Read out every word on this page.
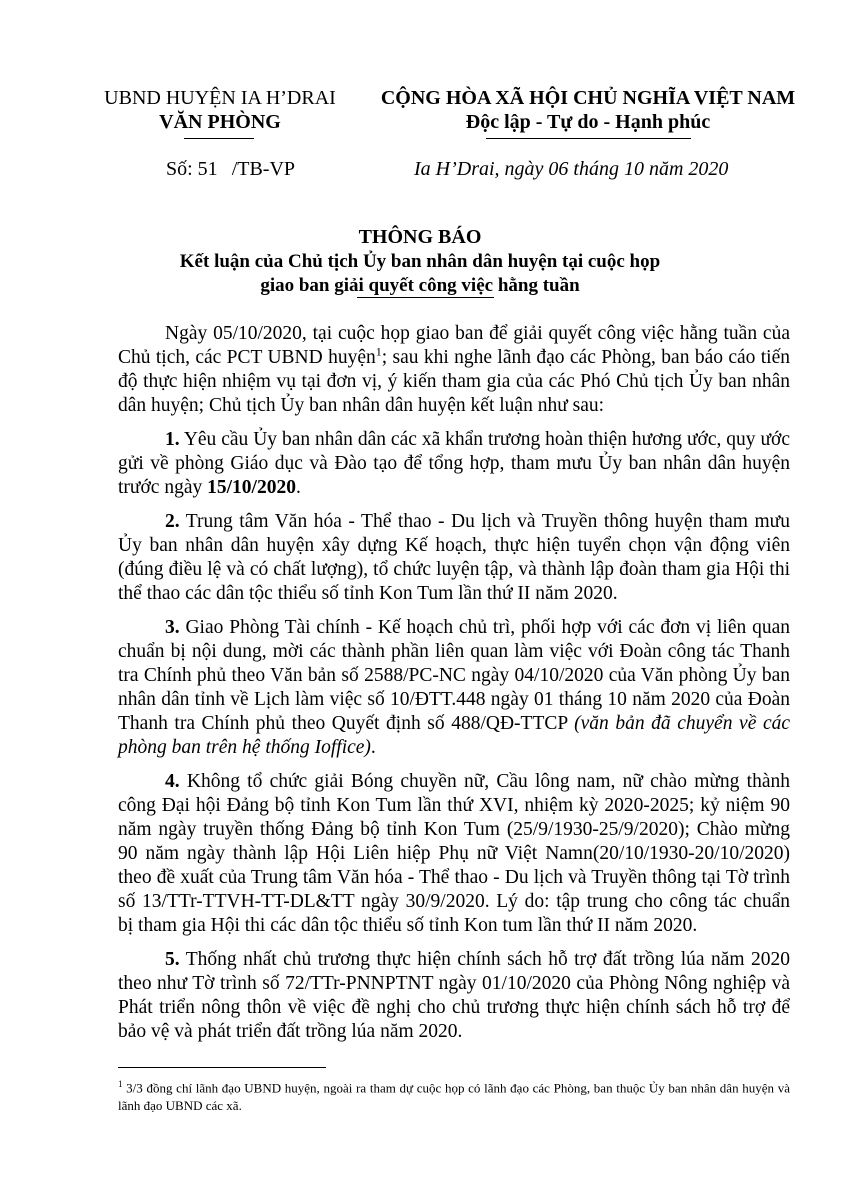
UBND HUYỆN IA H’DRAI
VĂN PHÒNG
CỘNG HÒA XÃ HỘI CHỦ NGHĨA VIỆT NAM
Độc lập - Tự do - Hạnh phúc
Số: 51 /TB-VP	Ia H’Drai, ngày 06 tháng 10 năm 2020
THÔNG BÁO
Kết luận của Chủ tịch Ủy ban nhân dân huyện tại cuộc họp
giao ban giải quyết công việc hằng tuần

Ngày 05/10/2020, tại cuộc họp giao ban để giải quyết công việc hằng tuần của Chủ tịch, các PCT UBND huyện$^1$; sau khi nghe lãnh đạo các Phòng, ban báo cáo tiến độ thực hiện nhiệm vụ tại đơn vị, ý kiến tham gia của các Phó Chủ tịch Ủy ban nhân dân huyện; Chủ tịch Ủy ban nhân dân huyện kết luận như sau:

1. Yêu cầu Ủy ban nhân dân các xã khẩn trương hoàn thiện hương ước, quy ước gửi về phòng Giáo dục và Đào tạo để tổng hợp, tham mưu Ủy ban nhân dân huyện trước ngày 15/10/2020.

2. Trung tâm Văn hóa - Thể thao - Du lịch và Truyền thông huyện tham mưu Ủy ban nhân dân huyện xây dựng Kế hoạch, thực hiện tuyển chọn vận động viên (đúng điều lệ và có chất lượng), tổ chức luyện tập, và thành lập đoàn tham gia Hội thi thể thao các dân tộc thiểu số tỉnh Kon Tum lần thứ II năm 2020.

3. Giao Phòng Tài chính - Kế hoạch chủ trì, phối hợp với các đơn vị liên quan chuẩn bị nội dung, mời các thành phần liên quan làm việc với Đoàn công tác Thanh tra Chính phủ theo Văn bản số 2588/PC-NC ngày 04/10/2020 của Văn phòng Ủy ban nhân dân tỉnh về Lịch làm việc số 10/ĐTT.448 ngày 01 tháng 10 năm 2020 của Đoàn Thanh tra Chính phủ theo Quyết định số 488/QĐ-TTCP (văn bản đã chuyển về các phòng ban trên hệ thống Ioffice).

4. Không tổ chức giải Bóng chuyền nữ, Cầu lông nam, nữ chào mừng thành công Đại hội Đảng bộ tỉnh Kon Tum lần thứ XVI, nhiệm kỳ 2020-2025; kỷ niệm 90 năm ngày truyền thống Đảng bộ tỉnh Kon Tum (25/9/1930-25/9/2020); Chào mừng 90 năm ngày thành lập Hội Liên hiệp Phụ nữ Việt Namn(20/10/1930-20/10/2020) theo đề xuất của Trung tâm Văn hóa - Thể thao - Du lịch và Truyền thông tại Tờ trình số 13/TTr-TTVH-TT-DL&TT ngày 30/9/2020. Lý do: tập trung cho công tác chuẩn bị tham gia Hội thi các dân tộc thiểu số tỉnh Kon tum lần thứ II năm 2020.

5. Thống nhất chủ trương thực hiện chính sách hỗ trợ đất trồng lúa năm 2020 theo như Tờ trình số 72/TTr-PNNPTNT ngày 01/10/2020 của Phòng Nông nghiệp và Phát triển nông thôn về việc đề nghị cho chủ trương thực hiện chính sách hỗ trợ để bảo vệ và phát triển đất trồng lúa năm 2020.

$^1$ 3/3 đồng chí lãnh đạo UBND huyện, ngoài ra tham dự cuộc họp có lãnh đạo các Phòng, ban thuộc Ủy ban nhân dân huyện và lãnh đạo UBND các xã.
